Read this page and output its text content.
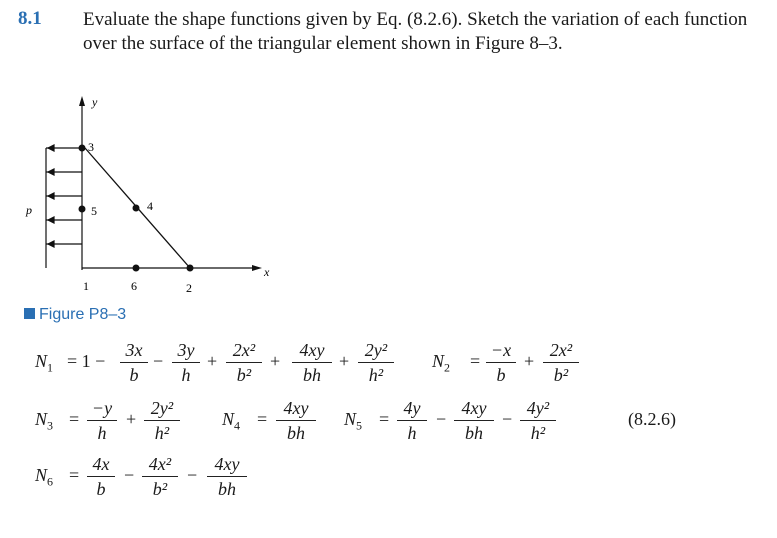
8.1 Evaluate the shape functions given by Eq. (8.2.6). Sketch the variation of each function over the surface of the triangular element shown in Figure 8–3.
y
x
p
3
5	4
1	6	2
Figure P8–3
$N_1 = 1$ −
3x
b
−
3y
h
+
2x²
b²
+
4xy
bh
+
2y²
h²
$N_2$ =
−x
b
+
2x²
b²
$N_3$ =
−y
h
+
2y²
h²
$N_4$ =
4xy
bh
$N_5$ =
4y
h
−
4xy
bh
−
4y²
h²
(8.2.6)
$N_6$ =
4x
b
−
4x²
b²
−
4xy
bh
